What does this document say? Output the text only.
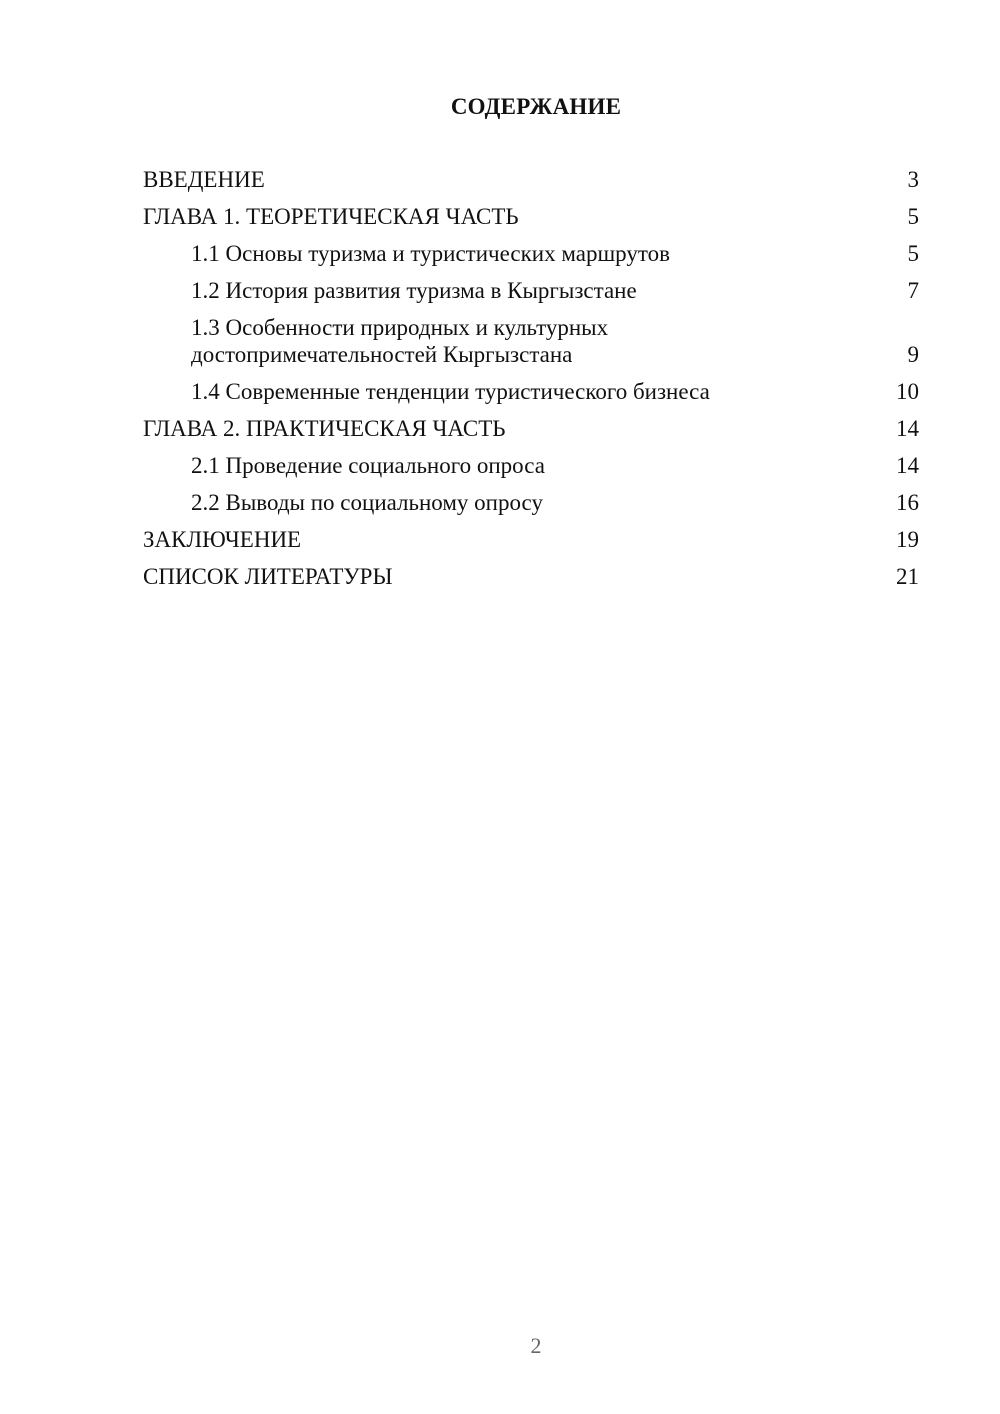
СОДЕРЖАНИЕ
ВВЕДЕНИЕ	3
ГЛАВА 1. ТЕОРЕТИЧЕСКАЯ ЧАСТЬ	5
1.1 Основы туризма и туристических маршрутов	5
1.2 История развития туризма в Кыргызстане	7
1.3 Особенности природных и культурных достопримечательностей Кыргызстана	9
1.4 Современные тенденции туристического бизнеса	10
ГЛАВА 2. ПРАКТИЧЕСКАЯ ЧАСТЬ	14
2.1 Проведение социального опроса	14
2.2 Выводы по социальному опросу	16
ЗАКЛЮЧЕНИЕ	19
СПИСОК ЛИТЕРАТУРЫ	21
2
